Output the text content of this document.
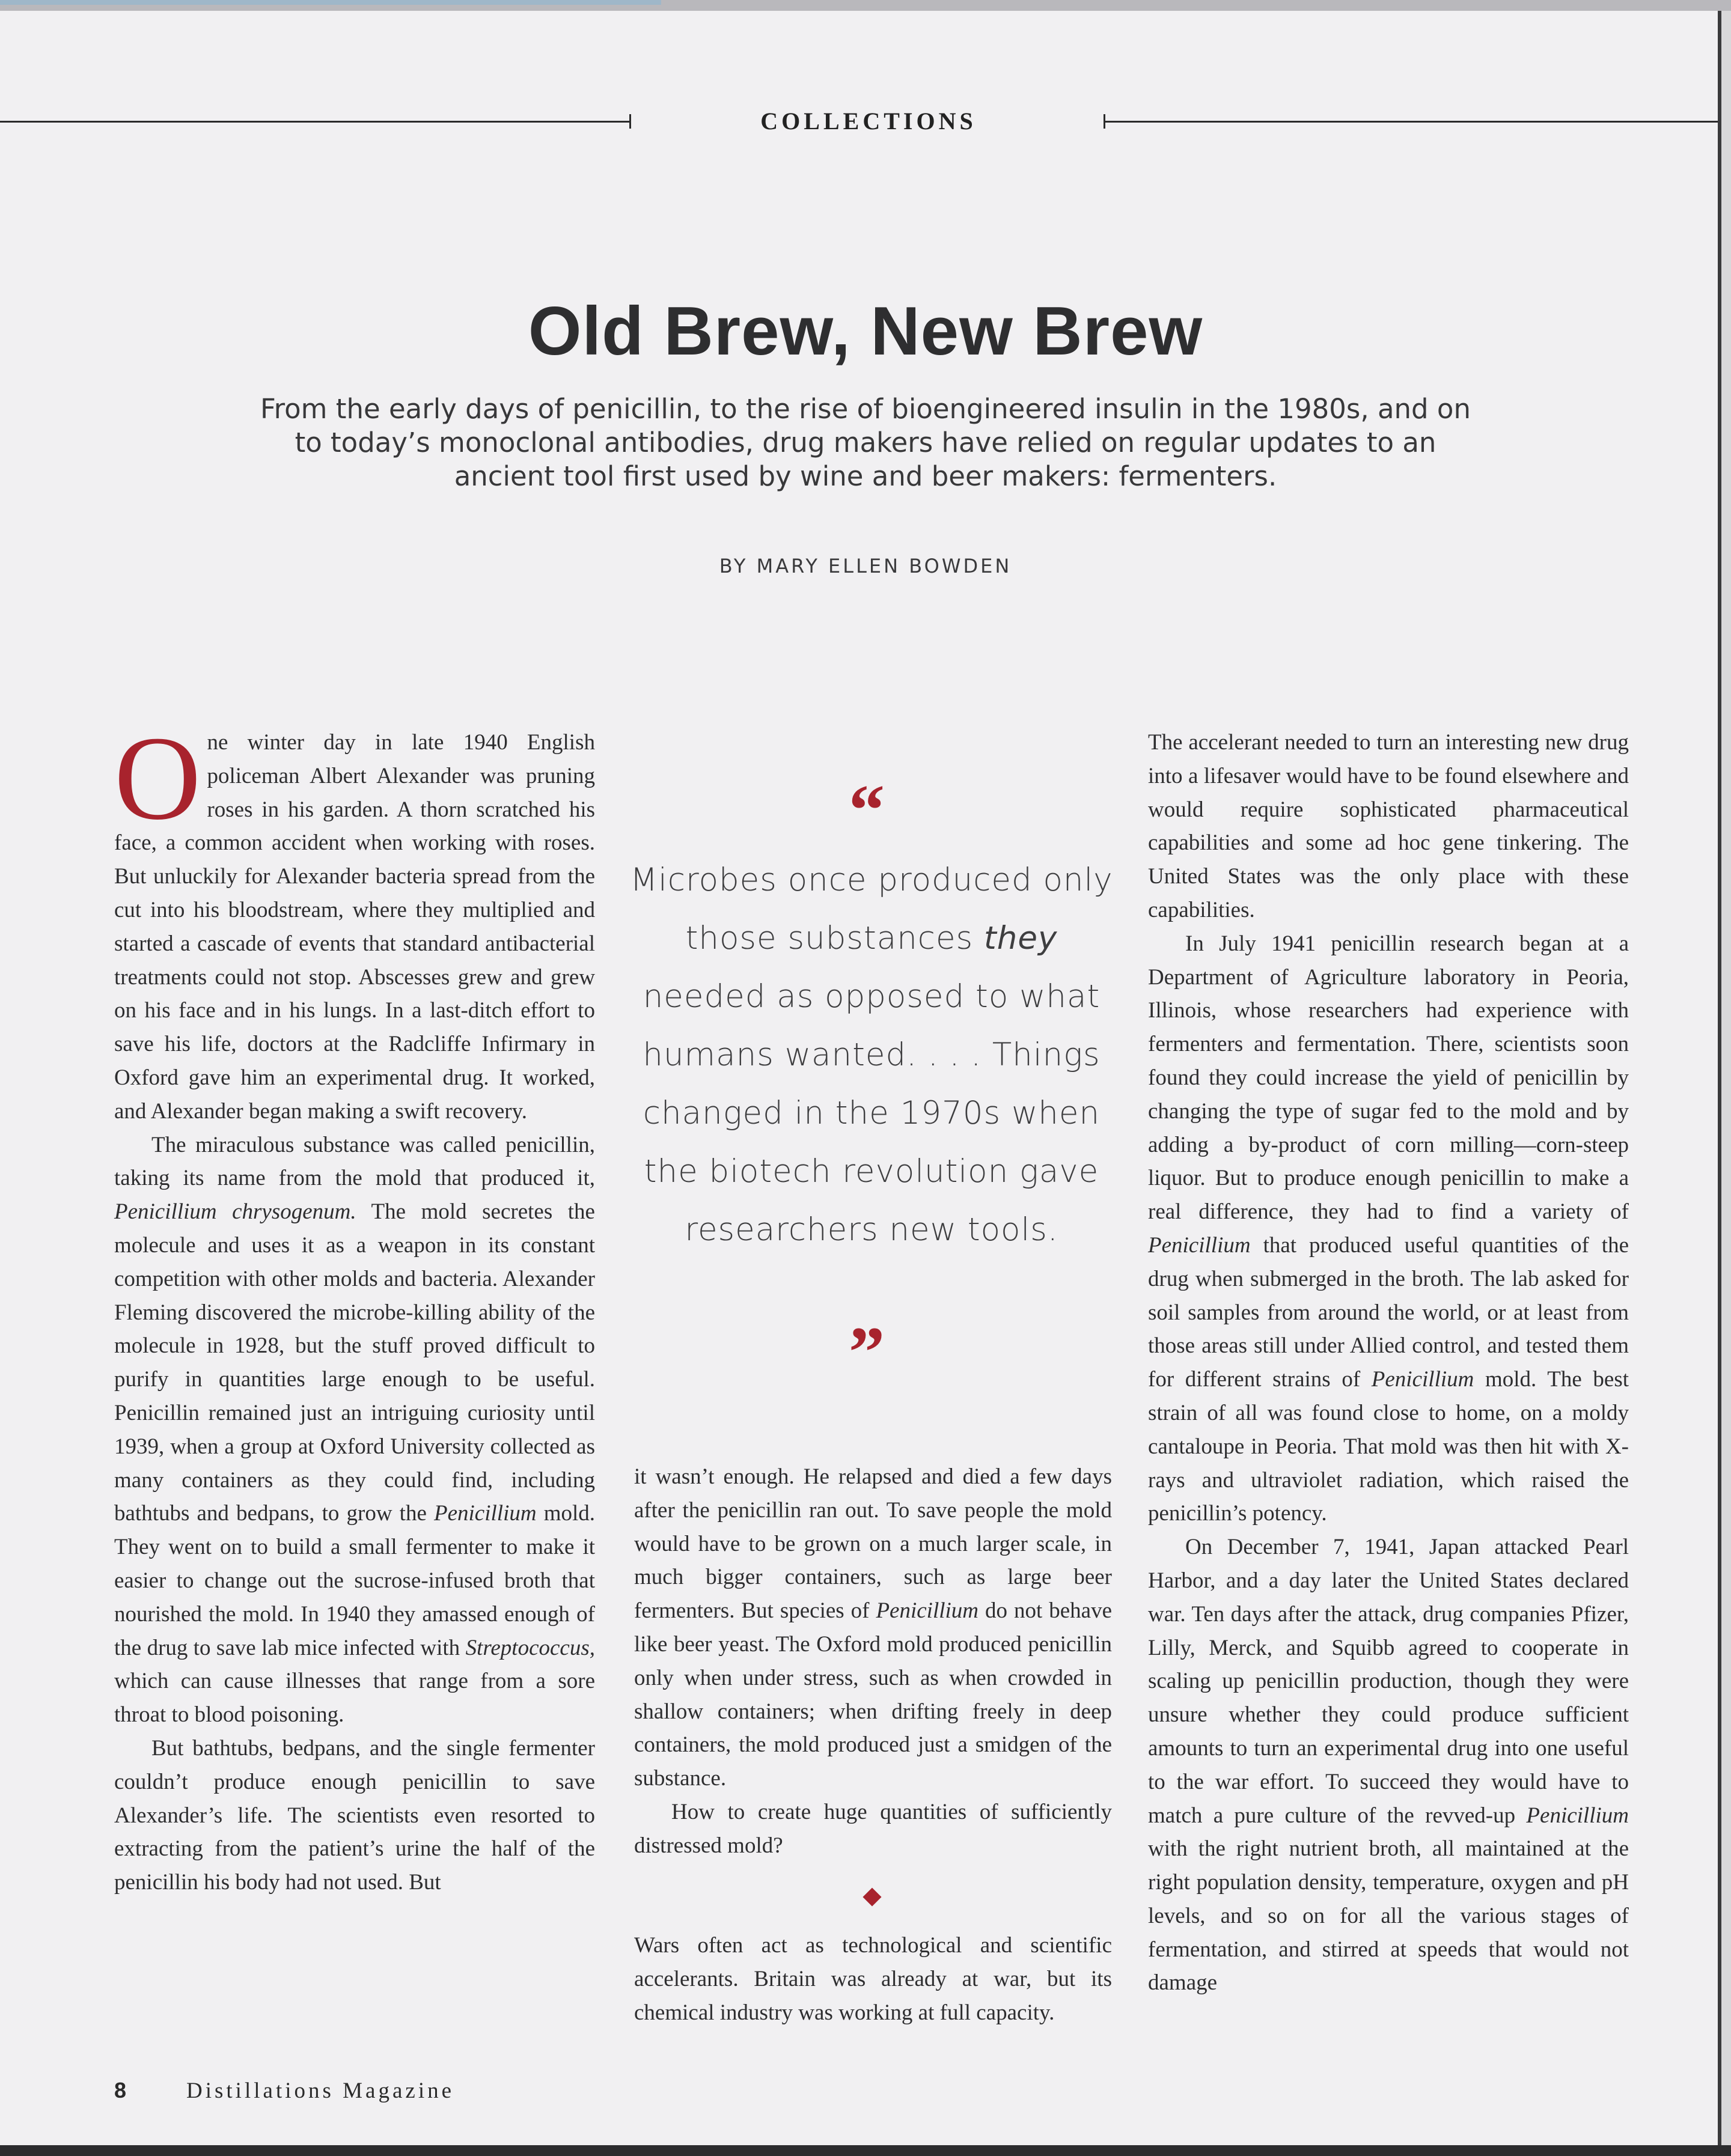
COLLECTIONS
Old Brew, New Brew
From the early days of penicillin, to the rise of bioengineered insulin in the 1980s, and on to today’s monoclonal antibodies, drug makers have relied on regular updates to an ancient tool first used by wine and beer makers: fermenters.
BY MARY ELLEN BOWDEN

One winter day in late 1940 English policeman Albert Alexander was pruning roses in his garden. A thorn scratched his face, a common accident when working with roses. But unluckily for Alexander bacteria spread from the cut into his bloodstream, where they multiplied and started a cascade of events that standard antibacterial treatments could not stop. Abscesses grew and grew on his face and in his lungs. In a last-ditch effort to save his life, doctors at the Radcliffe Infirmary in Oxford gave him an experimental drug. It worked, and Alexander began making a swift recovery.

The miraculous substance was called penicillin, taking its name from the mold that produced it, Penicillium chrysogenum. The mold secretes the molecule and uses it as a weapon in its constant competition with other molds and bacteria. Alexander Fleming discovered the microbe-killing ability of the molecule in 1928, but the stuff proved difficult to purify in quantities large enough to be useful. Penicillin remained just an intriguing curiosity until 1939, when a group at Oxford University collected as many containers as they could find, including bathtubs and bedpans, to grow the Penicillium mold. They went on to build a small fermenter to make it easier to change out the sucrose-infused broth that nourished the mold. In 1940 they amassed enough of the drug to save lab mice infected with Streptococcus, which can cause illnesses that range from a sore throat to blood poisoning.

But bathtubs, bedpans, and the single fermenter couldn’t produce enough penicillin to save Alexander’s life. The scientists even resorted to extracting from the patient’s urine the half of the penicillin his body had not used. But

“

Microbes once produced only those substances they needed as opposed to what humans wanted. . . . Things changed in the 1970s when the biotech revolution gave researchers new tools.

”

it wasn’t enough. He relapsed and died a few days after the penicillin ran out. To save people the mold would have to be grown on a much larger scale, in much bigger containers, such as large beer fermenters. But species of Penicillium do not behave like beer yeast. The Oxford mold produced penicillin only when under stress, such as when crowded in shallow containers; when drifting freely in deep containers, the mold produced just a smidgen of the substance.

How to create huge quantities of sufficiently distressed mold?

Wars often act as technological and scientific accelerants. Britain was already at war, but its chemical industry was working at full capacity.

The accelerant needed to turn an interesting new drug into a lifesaver would have to be found elsewhere and would require sophisticated pharmaceutical capabilities and some ad hoc gene tinkering. The United States was the only place with these capabilities.

In July 1941 penicillin research began at a Department of Agriculture laboratory in Peoria, Illinois, whose researchers had experience with fermenters and fermentation. There, scientists soon found they could increase the yield of penicillin by changing the type of sugar fed to the mold and by adding a by-product of corn milling—corn-steep liquor. But to produce enough penicillin to make a real difference, they had to find a variety of Penicillium that produced useful quantities of the drug when submerged in the broth. The lab asked for soil samples from around the world, or at least from those areas still under Allied control, and tested them for different strains of Penicillium mold. The best strain of all was found close to home, on a moldy cantaloupe in Peoria. That mold was then hit with X-rays and ultraviolet radiation, which raised the penicillin’s potency.

On December 7, 1941, Japan attacked Pearl Harbor, and a day later the United States declared war. Ten days after the attack, drug companies Pfizer, Lilly, Merck, and Squibb agreed to cooperate in scaling up penicillin production, though they were unsure whether they could produce sufficient amounts to turn an experimental drug into one useful to the war effort. To succeed they would have to match a pure culture of the revved-up Penicillium with the right nutrient broth, all maintained at the right population density, temperature, oxygen and pH levels, and so on for all the various stages of fermentation, and stirred at speeds that would not damage

8	Distillations Magazine
